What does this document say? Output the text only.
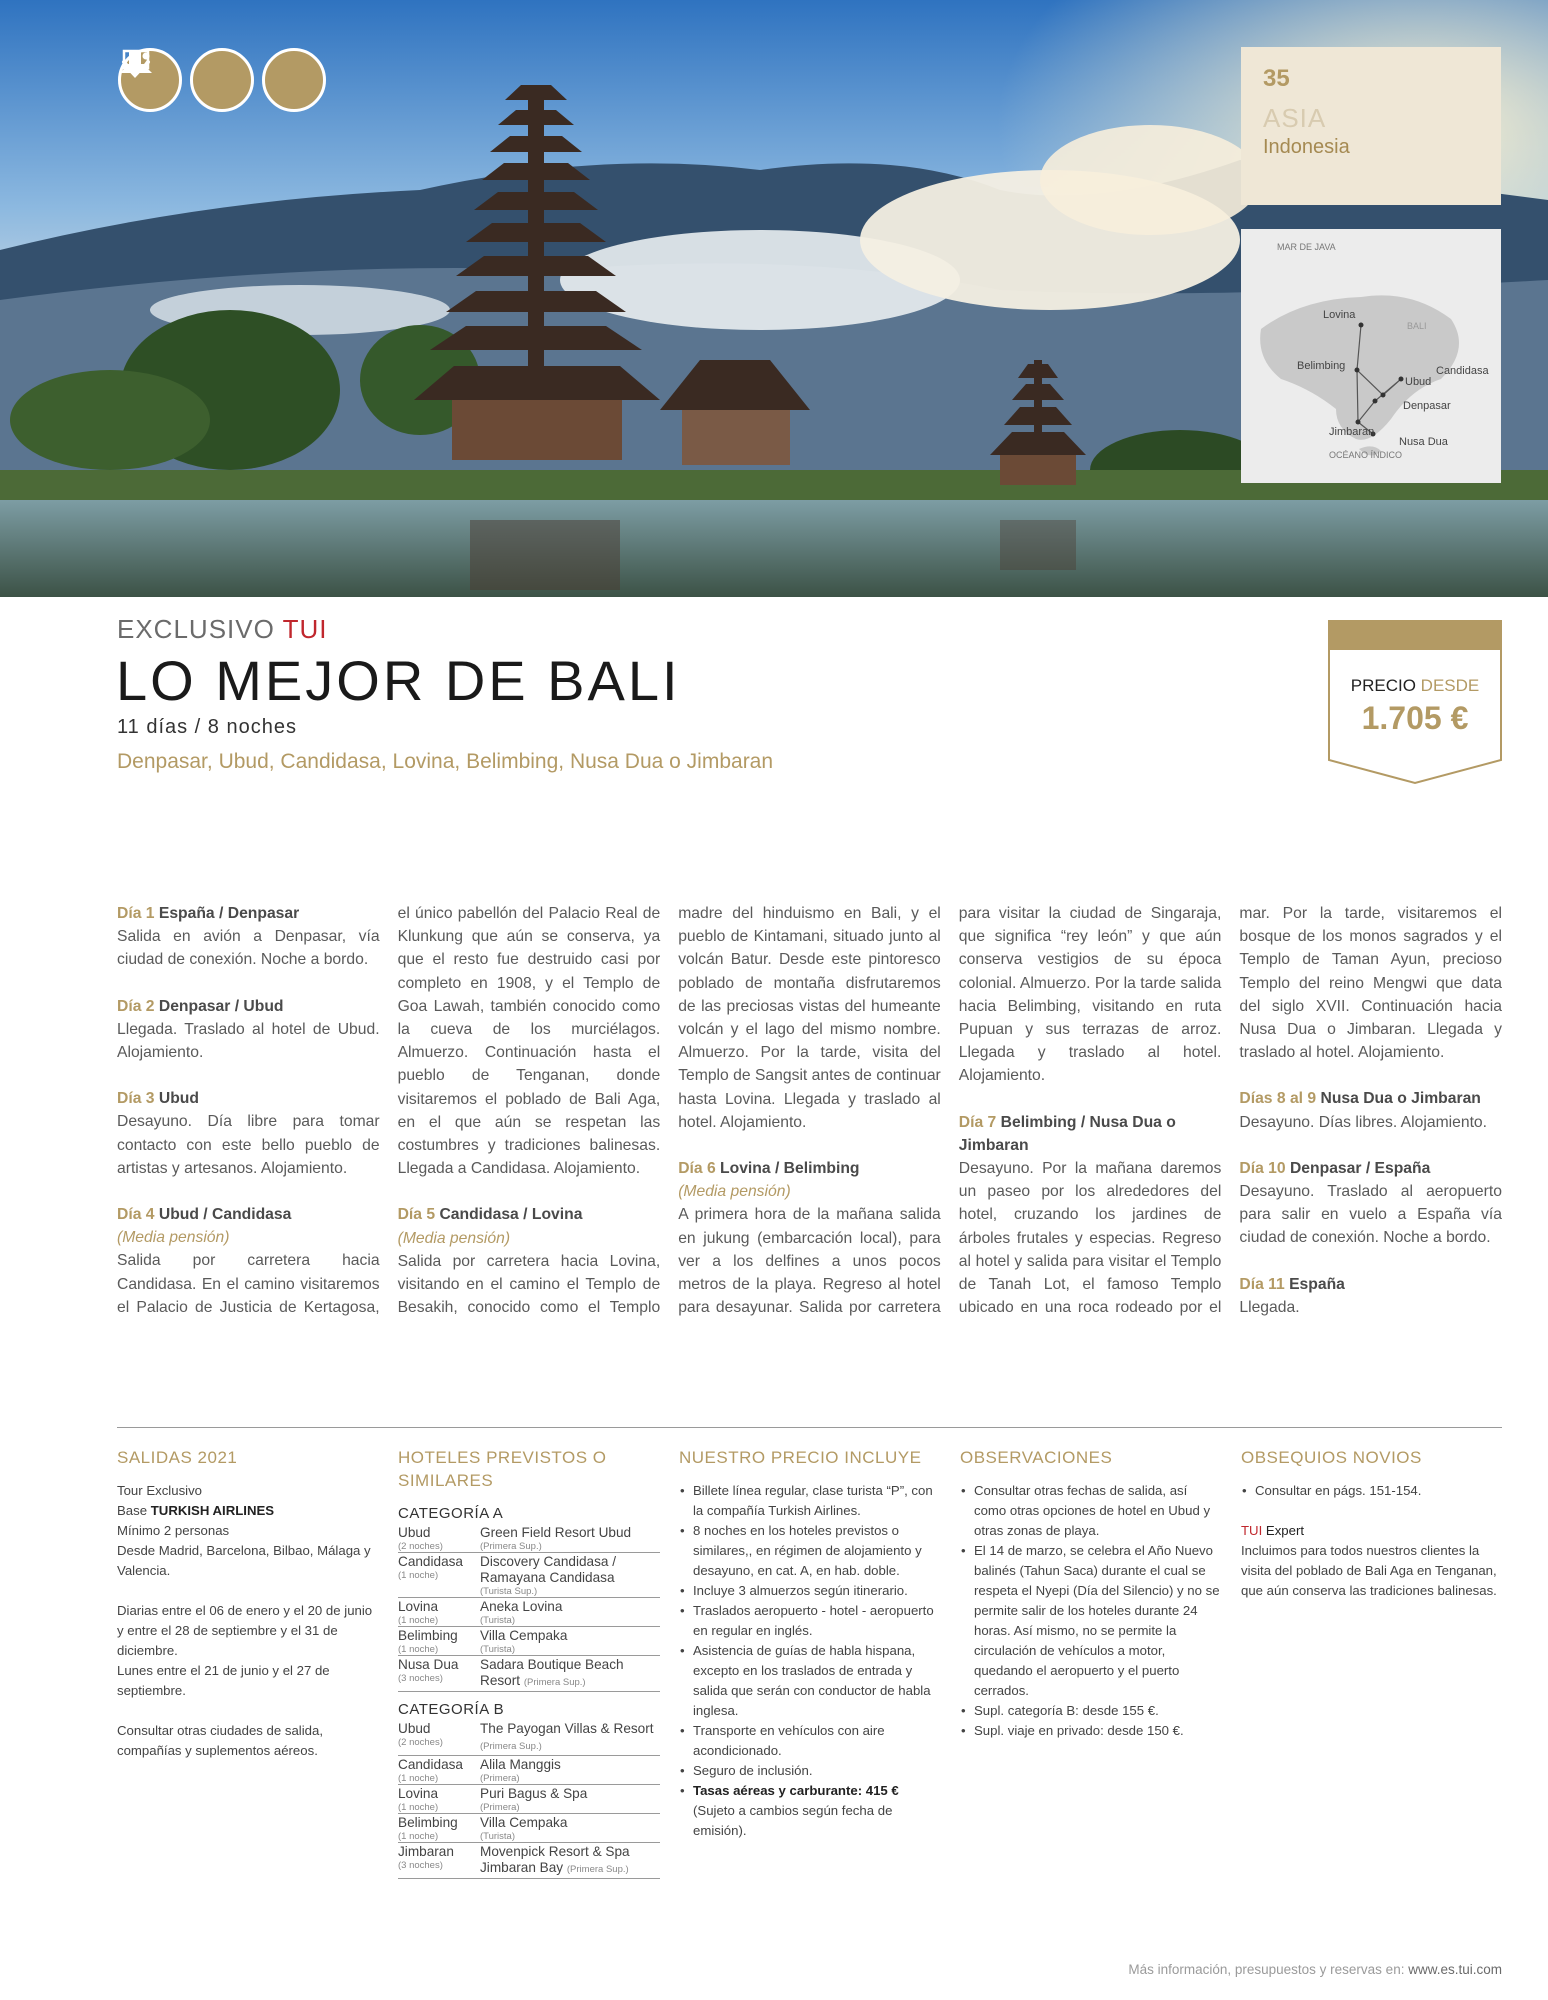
35
ASIA
Indonesia
MAR DE JAVA
BALI
OCÉANO ÍNDICO
Lovina
Belimbing	Candidasa
Ubud
Denpasar
Jimbaran
Nusa Dua
EXCLUSIVO TUI
LO MEJOR DE BALI
11 días / 8 noches
Denpasar, Ubud, Candidasa, Lovina, Belimbing, Nusa Dua o Jimbaran
PRECIO DESDE
1.705 €
Día 1 España / Denpasar
Salida en avión a Denpasar, vía ciudad de conexión. Noche a bordo.
Día 2 Denpasar / Ubud
Llegada. Traslado al hotel de Ubud. Alojamiento.
Día 3 Ubud
Desayuno. Día libre para tomar contacto con este bello pueblo de artistas y artesanos. Alojamiento.
Día 4 Ubud / Candidasa
(Media pensión)
Salida por carretera hacia Candidasa. En el camino visitaremos el Palacio de Justicia de Kertagosa, el único pabellón del Palacio Real de Klunkung que aún se conserva, ya que el resto fue destruido casi por completo en 1908, y el Templo de Goa Lawah, también conocido como la cueva de los murciélagos. Almuerzo. Continuación hasta el pueblo de Tenganan, donde visitaremos el poblado de Bali Aga, en el que aún se respetan las costumbres y tradiciones balinesas. Llegada a Candidasa. Alojamiento.
Día 5 Candidasa / Lovina
(Media pensión)
Salida por carretera hacia Lovina, visitando en el camino el Templo de Besakih, conocido como el Templo madre del hinduismo en Bali, y el pueblo de Kintamani, situado junto al volcán Batur. Desde este pintoresco poblado de montaña disfrutaremos de las preciosas vistas del humeante volcán y el lago del mismo nombre. Almuerzo. Por la tarde, visita del Templo de Sangsit antes de continuar hasta Lovina. Llegada y traslado al hotel. Alojamiento.
Día 6 Lovina / Belimbing
(Media pensión)
A primera hora de la mañana salida en jukung (embarcación local), para ver a los delfines a unos pocos metros de la playa. Regreso al hotel para desayunar. Salida por carretera para visitar la ciudad de Singaraja, que significa “rey león” y que aún conserva vestigios de su época colonial. Almuerzo. Por la tarde salida hacia Belimbing, visitando en ruta Pupuan y sus terrazas de arroz. Llegada y traslado al hotel. Alojamiento.
Día 7 Belimbing / Nusa Dua o Jimbaran
Desayuno. Por la mañana daremos un paseo por los alrededores del hotel, cruzando los jardines de árboles frutales y especias. Regreso al hotel y salida para visitar el Templo de Tanah Lot, el famoso Templo ubicado en una roca rodeado por el mar. Por la tarde, visitaremos el bosque de los monos sagrados y el Templo de Taman Ayun, precioso Templo del reino Mengwi que data del siglo XVII. Continuación hacia Nusa Dua o Jimbaran. Llegada y traslado al hotel. Alojamiento.
Días 8 al 9 Nusa Dua o Jimbaran
Desayuno. Días libres. Alojamiento.
Día 10 Denpasar / España
Desayuno. Traslado al aeropuerto para salir en vuelo a España vía ciudad de conexión. Noche a bordo.
Día 11 España
Llegada.
SALIDAS 2021

Tour Exclusivo
Base TURKISH AIRLINES
Mínimo 2 personas
Desde Madrid, Barcelona, Bilbao, Málaga y Valencia.

Diarias entre el 06 de enero y el 20 de junio y entre el 28 de septiembre y el 31 de diciembre.
Lunes entre el 21 de junio y el 27 de septiembre.

Consultar otras ciudades de salida, compañías y suplementos aéreos.

HOTELES PREVISTOS O SIMILARES
CATEGORÍA A
Ubud
(2 noches)	Green Field Resort Ubud
(Primera Sup.)

Candidasa
(1 noche)	Discovery Candidasa / Ramayana Candidasa
(Turista Sup.)

Lovina
(1 noche)	Aneka Lovina
(Turista)

Belimbing
(1 noche)	Villa Cempaka
(Turista)

Nusa Dua
(3 noches)	Sadara Boutique Beach Resort (Primera Sup.)
CATEGORÍA B
Ubud
(2 noches)	The Payogan Villas & Resort (Primera Sup.)
Candidasa
(1 noche)	Alila Manggis
(Primera)

Lovina
(1 noche)	Puri Bagus & Spa
(Primera)

Belimbing
(1 noche)	Villa Cempaka
(Turista)

Jimbaran
(3 noches)	Movenpick Resort & Spa Jimbaran Bay (Primera Sup.)
NUESTRO PRECIO INCLUYE
• Billete línea regular, clase turista “P”, con la compañía Turkish Airlines.
• 8 noches en los hoteles previstos o similares,, en régimen de alojamiento y desayuno, en cat. A, en hab. doble.
• Incluye 3 almuerzos según itinerario.
• Traslados aeropuerto - hotel - aeropuerto en regular en inglés.
• Asistencia de guías de habla hispana, excepto en los traslados de entrada y salida que serán con conductor de habla inglesa.
• Transporte en vehículos con aire acondicionado.
• Seguro de inclusión.
• Tasas aéreas y carburante: 415 € (Sujeto a cambios según fecha de emisión).
OBSERVACIONES
• Consultar otras fechas de salida, así como otras opciones de hotel en Ubud y otras zonas de playa.
• El 14 de marzo, se celebra el Año Nuevo balinés (Tahun Saca) durante el cual se respeta el Nyepi (Día del Silencio) y no se permite salir de los hoteles durante 24 horas. Así mismo, no se permite la circulación de vehículos a motor, quedando el aeropuerto y el puerto cerrados.
• Supl. categoría B: desde 155 €.
• Supl. viaje en privado: desde 150 €.
OBSEQUIOS NOVIOS
• Consultar en págs. 151-154.
TUI Expert
Incluimos para todos nuestros clientes la visita del poblado de Bali Aga en Tenganan, que aún conserva las tradiciones balinesas.
Más información, presupuestos y reservas en: www.es.tui.com
